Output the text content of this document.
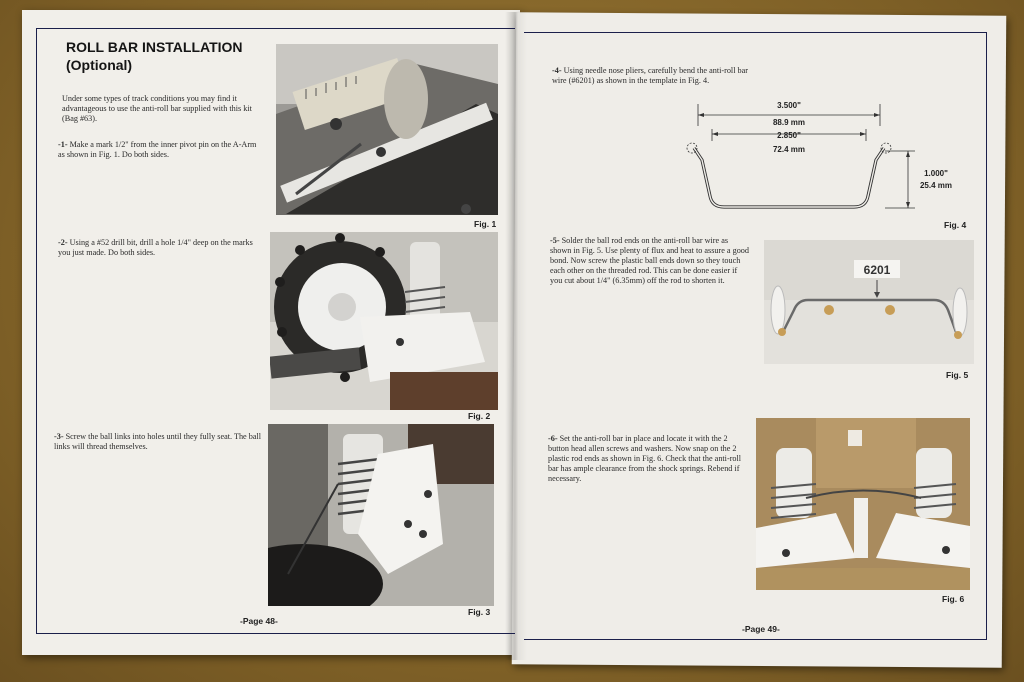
ROLL BAR INSTALLATION
(Optional)
Under some types of track conditions you may find it advantageous to use the anti-roll bar supplied with this kit (Bag #63).
-1- Make a mark 1/2" from the inner pivot pin on the A-Arm as shown in Fig. 1. Do both sides.
-2- Using a #52 drill bit, drill a hole 1/4" deep on the marks you just made. Do both sides.
-3- Screw the ball links into holes until they fully seat. The ball links will thread themselves.
Fig. 1
Fig. 2
Fig. 3
-Page 48-
-4- Using needle nose pliers, carefully bend the anti-roll bar wire (#6201) as shown in the template in Fig. 4.
-5- Solder the ball rod ends on the anti-roll bar wire as shown in Fig. 5. Use plenty of flux and heat to assure a good bond. Now screw the plastic ball ends down so they touch each other on the threaded rod. This can be done easier if you cut about 1/4" (6.35mm) off the rod to shorten it.
-6- Set the anti-roll bar in place and locate it with the 2 button head allen screws and washers. Now snap on the 2 plastic rod ends as shown in Fig. 6. Check that the anti-roll bar has ample clearance from the shock springs. Rebend if necessary.
3.500"
88.9 mm
2.850"
72.4 mm
1.000"
25.4 mm
Fig. 4
6201
Fig. 5
Fig. 6
-Page 49-
